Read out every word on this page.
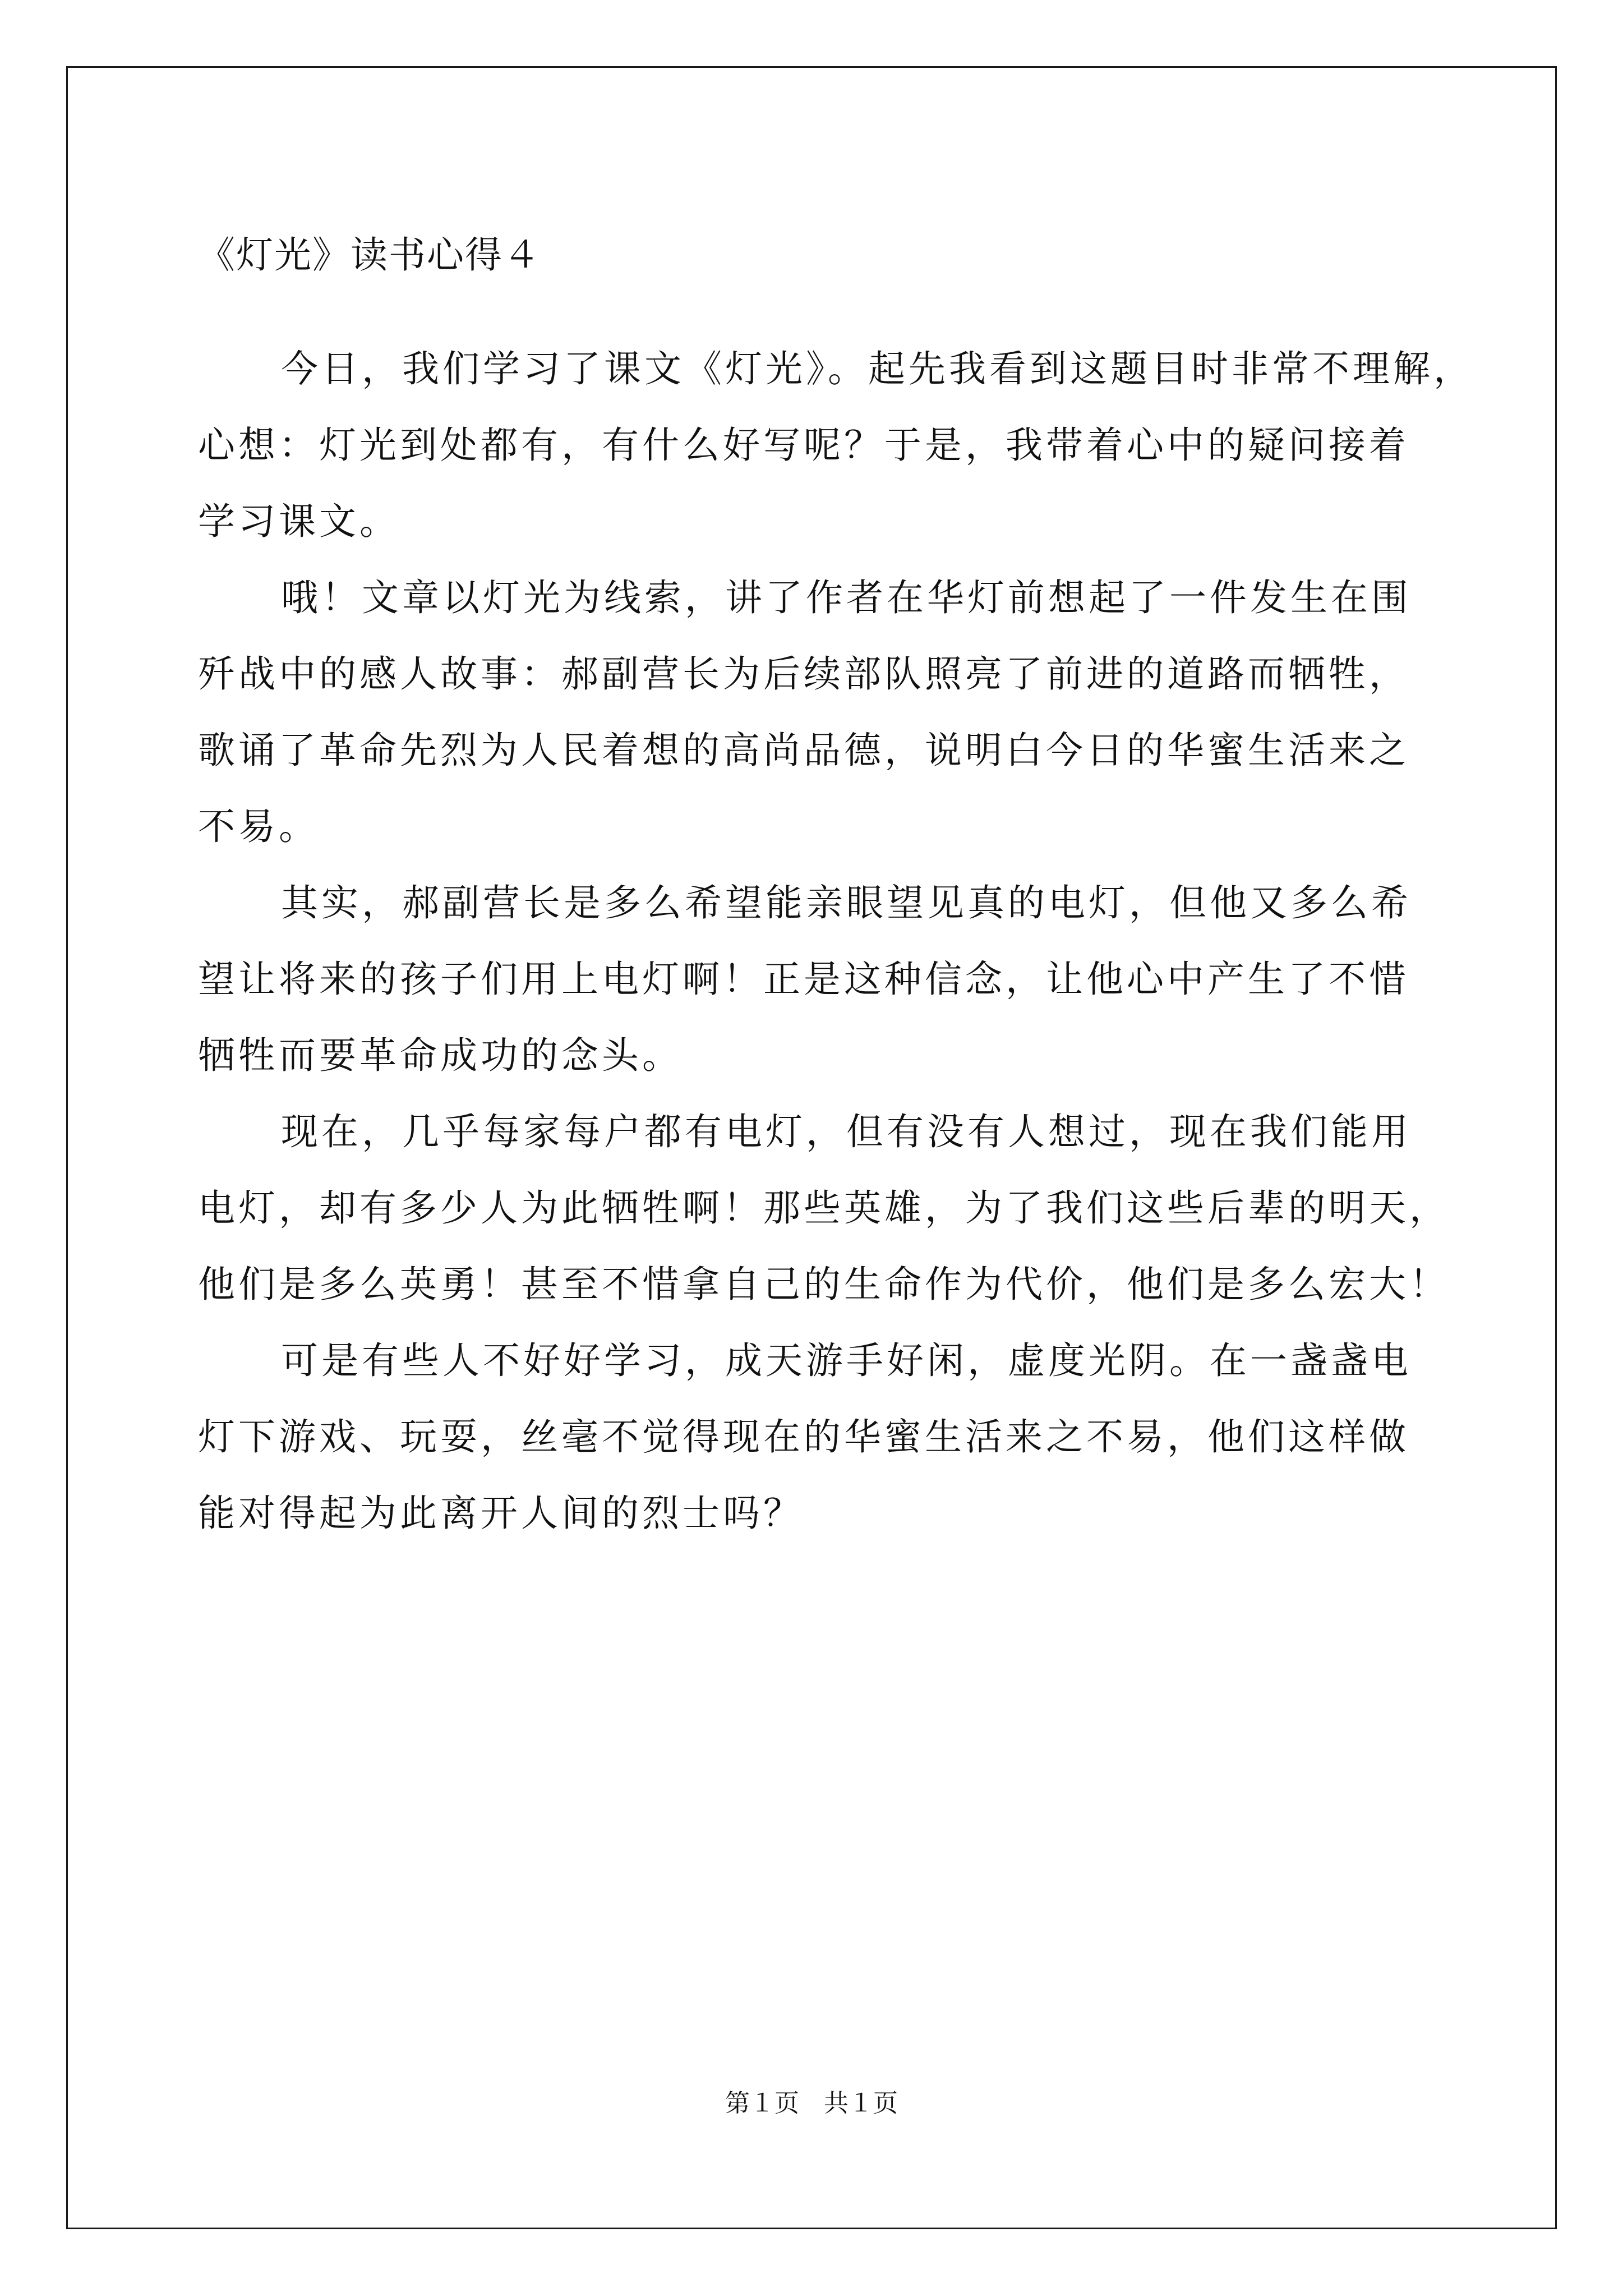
《灯光》读书心得４

今日，我们学习了课文《灯光》。起先我看到这题目时非常不理解，
心想：灯光到处都有，有什么好写呢？于是，我带着心中的疑问接着
学习课文。

哦！文章以灯光为线索，讲了作者在华灯前想起了一件发生在围
歼战中的感人故事：郝副营长为后续部队照亮了前进的道路而牺牲，
歌诵了革命先烈为人民着想的高尚品德，说明白今日的华蜜生活来之
不易。

其实，郝副营长是多么希望能亲眼望见真的电灯，但他又多么希
望让将来的孩子们用上电灯啊！正是这种信念，让他心中产生了不惜
牺牲而要革命成功的念头。

现在，几乎每家每户都有电灯，但有没有人想过，现在我们能用
电灯，却有多少人为此牺牲啊！那些英雄，为了我们这些后辈的明天，
他们是多么英勇！甚至不惜拿自己的生命作为代价，他们是多么宏大！

可是有些人不好好学习，成天游手好闲，虚度光阴。在一盏盏电
灯下游戏、玩耍，丝毫不觉得现在的华蜜生活来之不易，他们这样做
能对得起为此离开人间的烈士吗？

第１页　共１页
